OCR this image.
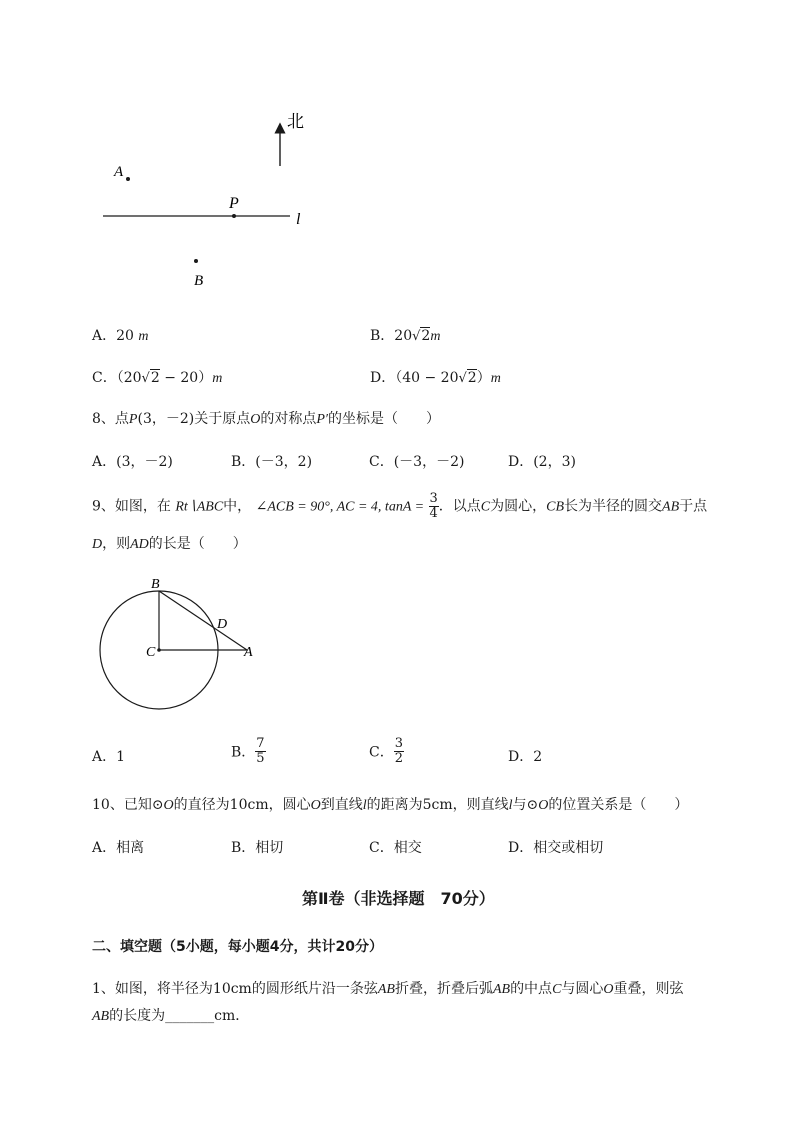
北
A
P
l
B
A．20 m	B．20√2m
C．（20√2 − 20）m	D．（40 − 20√2）m
8、点P(3，－2)关于原点O的对称点P′的坐标是（　　）
A．(3，－2)	B．(－3，2)	C．(－3，－2)	D．(2，3)
9、如图，在 Rt∖ABC中， ∠ACB = 90°, AC = 4, $\tan A = \frac{3}{4}$ ．以点C为圆心，CB长为半径的圆交AB于点
D，则AD的长是（　　）
B
D
C	A
A．1	B． $\frac{7}{5}$	C． $\frac{3}{2}$	D．2
10、已知⊙O的直径为10cm，圆心O到直线l的距离为5cm，则直线l与⊙O的位置关系是（　　）
A．相离	B．相切	C．相交	D．相交或相切
第Ⅱ卷（非选择题　70分）
二、填空题（5小题，每小题4分，共计20分）
1、如图，将半径为10cm的圆形纸片沿一条弦AB折叠，折叠后弧AB的中点C与圆心O重叠，则弦
AB的长度为_______cm．
